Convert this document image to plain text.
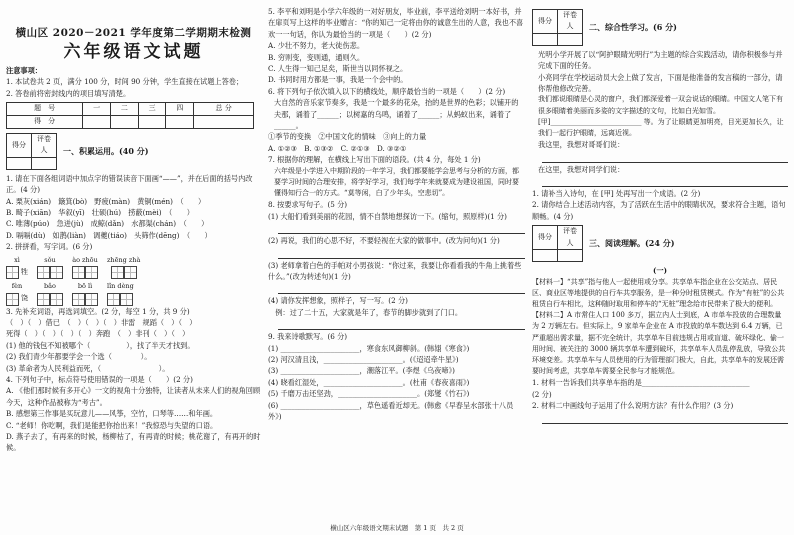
横山区 2020－2021 学年度第二学期期末检测
六年级语文试题

注意事项：

1. 本试卷共 2 页，满分 100 分，时间 90 分钟，学生直接在试题上答卷；

2. 答卷前将密封线内的项目填写清楚。

题　号	一	二	三	四	总 分
得　分					
得分	评卷人
	一、积累运用。(40 分)

1. 请在下面各组词语中加点字的错误读音下面画“——”，并在后面的括号内改正。(4 分)

A. 栗灰(xián)　簸箕(bò)　野疲(màn)　黄铜(mén)　（　　）

B. 畸子(xiān)　华叙(yī)　壮硕(hú)　捞蔽(mèi)　（　　）

C. 唯薄(púo)　急迸(jù)　成鲸(dǎn)　水都渠(chán)　（　　）

D. 嗝嗝(dù)　如鹊(liàn)　调夔(tiáo)　头筛作(dēng)　（　　）

2. 拼拼看，写字词。(6 分)

xì
牲
sǒu	ào zhōu zhēng zhà
fèn
饶
bǎo	bō lì lǐn dèng

3. 先补充词语，再选词填空。(2 分，每空 1 分，共 9 分)

（　）（　）借已　（　）（　）（　）非雷　规蹈（　）（　）

死得（　）（　）（　）（　）奔跑　（　）非刊（　）（　）

(1) 他的钱包不知被哪个（　　　　　），找了半天才找到。

(2) 我们青少年都要学会一个选（　　　　）。

(3) 革命者为人民利益而死，（　　　　　　　　）。

4. 下列句子中，标点符号使用错误的一项是（　　）(2 分)

A. 《他们那时候有多开心》一文的视角十分独特，让读者从未来人们的视角回顾今天，这种作品被称为“考古”。

B. 感想第三作事是买玩意儿——风筝，空竹，口琴等……和年画。

C. “老师！你吃啊，我们是能把你抬出来！”我惊恐与失望的口语。

D. 燕子去了，有再来的时候，杨柳枯了，有再青的时候；桃花谢了，有再开的时候。

5. 李平和刘明是小学六年级的一对好朋友，毕业前，李平送给刘明一本好书，并在扉页写上这样的毕业赠言：“你的知己一定将由你的诚意生出的人意，我也不喜欢一一句话，你认为最恰当的一项是（　　）(2 分)

A. 少壮不努力，老大徒伤悲。

B. 穷则变，变则通，通则久。

C. 人生得一知己足矣，斯世当以同怀视之。

D. 书同时用方都是一事，我是一个会中的。

6. 将下列句子依次填入以下的横线处，顺序最恰当的一项是（　　）(2 分)

大自然的音乐家节奏多，我是一个最多的花朵，抬的是世界的色彩；以铺开的夫那，诵着了______；以树嘉的乌鸣，诵着了______；从蚂蚁出来，诵着了______。

①季节的变换　②中国文化的情味　③向上的力量

A. ①②③　B. ①③②　C. ②①③　D. ③②①

7. 根据你的理解，在横线上写出下面的语段。(共 4 分，每处 1 分)

六年级是小学进入中期阶段的一年学习，我们都要能学会思考与分析的方面，都要学习时间的合理安排，将学好学习，我们每学年来就要成为建设祖国，同时要懂得知行合一的方式。“莫等闲，白了少年头，空悲切”。

8. 按要求写句子。(5 分)

(1) 大船们看到美丽的花园，情不自禁地想探访一下。(缩句，照原样)(1 分)

(2) 再说，我们的心思不好，不要轻视在大家的做事中。(改为问句)(1 分)

(3) 老师拿着白色的手帕对小男孩说：“你过来，我要让你看看我的牛角上挑着些什么。”(改为转述句)(1 分)

(4) 请你发挥想象，照样子，写一写。(2 分)

　例：过了二十五，大家就是年了，春节的脚步就到了门口。

9. 我来诗歌默写。(6 分)

(1) ______________________，寒食东风御柳斜。(韩翃《寒食》)

(2) 河汉清且浅，______________________。(《迢迢牵牛星》)

(3) ______________________，潮落江平。(李煜《乌夜啼》)

(4) 晓看红湿处，______________________。(杜甫《春夜喜雨》)

(5) 千磨万击还坚劲，______________________。(郑燮《竹石》)

(6) ______________________，草色遥看近却无。(韩愈《早春呈水部张十八员外》)

得分	评卷人
	二、综合性学习。(6 分)

光明小学开展了以“阿护眼睛光明行”为主题的综合实践活动，请你积极参与并完成下面的任务。

小亮同学在学校运动员大会上做了发言，下面是他准备的发言稿的一部分，请你帮他修改完善。

我们都说眼睛是心灵的窗户，我们都深爱着一双会说话的眼睛。中国文人笔下有很多眼睛着美丽而多姿的文字描述的文句，比如白光如雪。[甲]__________________________ 等。为了让眼睛更加明亮，目光更加长久，让我们一起行护眼睛，远离近视。

我这里，我想对哥哥们说：

在这里，我想对同学们说：

1. 请补当入诗句，在 [甲] 处再写出一个成语。(2 分)

2. 请你结合上述活动内容，为了活跃在生活中的眼睛状况，要求符合主题，语句顺畅。(4 分)

得分	评卷人
	三、阅读理解。(24 分)

(一)

【材料一】“共享”指与他人一起使用或分享。共享单车指企业在公交站点、居民区、商业区等地提供的自行车共享服务，是一种分时租赁模式。作为“有桩”的公共租赁自行车相比，这种随时取用和停车的“无桩”理念给市民带来了极大的便利。

【材料二】A 市常住人口 100 多万，据立内人士到底，A 市单车投放的合理数量为 2 万辆左右。但实际上，9 家单车企业在 A 市投放的单车数达到 6.4 万辆，已严重超出需求量，据不完全统计，共享单车目前违规占用或盲道、破坏绿化、偷一用时间、被关注的 3000 辆共享单车遭到破坏，共享单车人员乱停乱放，导致公共环境变差。共享单车与人员使用的行为管理部门极大，自此，共享单车的发展还需要时间考虑，共享单车需要全民参与才能规范。

1. 材料一告诉我们共享单车指的是______________________________

(2 分)

2. 材料二中画线句子运用了什么说明方法？有什么作用？(3 分)

横山区六年级语文期末试题　第 1 页　共 2 页
